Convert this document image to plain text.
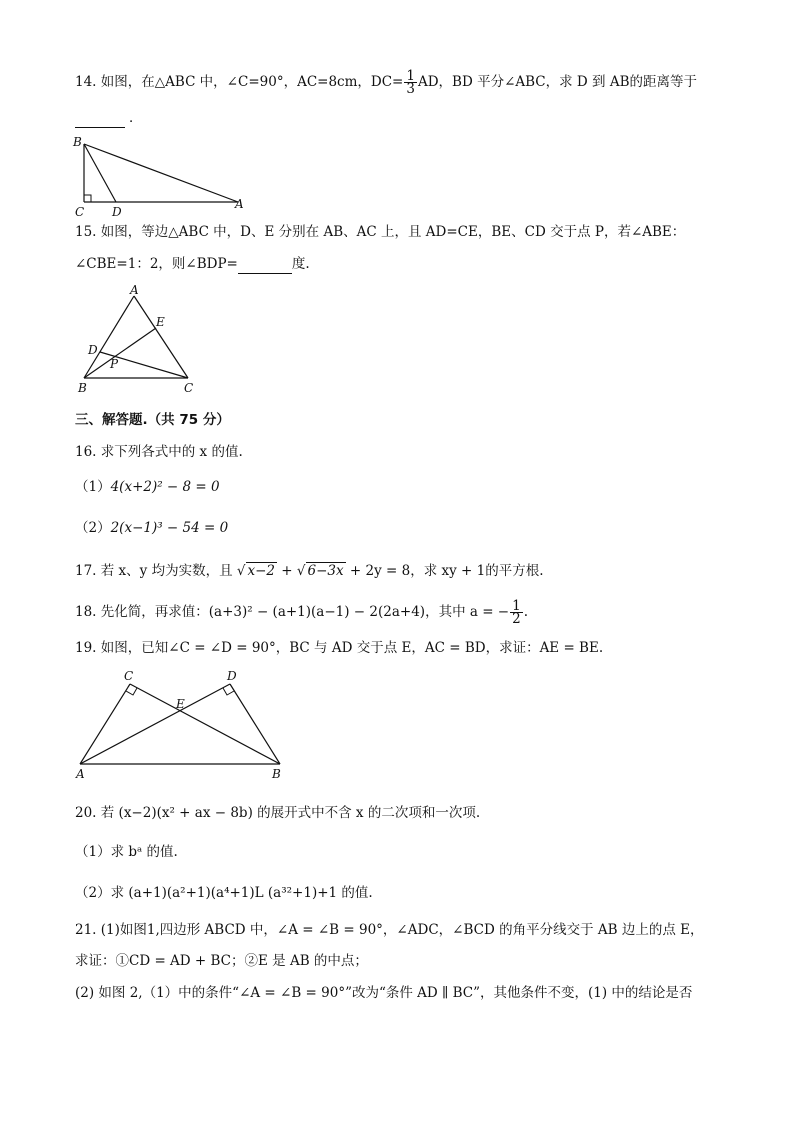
14. 如图，在△ABC 中，∠C=90°，AC=8cm，$DC= \frac{1}{3}$ AD，BD 平分∠ABC，求 D 到 AB的距离等于
．
B
C D
A
15. 如图，等边△ABC 中，D、E 分别在 AB、AC 上，且 AD=CE，BE、CD 交于点 P，若∠ABE：
∠CBE=1：2，则∠BDP=	度.
A
E
D
P
B	C
三、解答题.（共 75 分）
16. 求下列各式中的 x 的值.
（1）4(x+2)² − 8 = 0
（2）2(x−1)³ − 54 = 0
17. 若 x、y 均为实数，且 √ x−2 + √ 6−3x + 2y = 8，求 xy + 1的平方根.
18. 先化简，再求值：(a+3)² − (a+1)(a−1) − 2(2a+4)，其中 a = − $\frac{1}{2}$ .
19. 如图，已知∠C = ∠D = 90°，BC 与 AD 交于点 E，AC = BD，求证：AE = BE.
C	D
E
A	B
20. 若 (x−2)(x² + ax − 8b) 的展开式中不含 x 的二次项和一次项.
（1）求 bᵃ 的值.
（2）求 (a+1)(a²+1)(a⁴+1)L (a³²+1)+1 的值.
21. (1)如图1,四边形 ABCD 中，∠A = ∠B = 90°，∠ADC，∠BCD 的角平分线交于 AB 边上的点 E，
求证：①CD = AD + BC；②E 是 AB 的中点；
(2) 如图 2,（1）中的条件“∠A = ∠B = 90°”改为“条件 AD ∥ BC”，其他条件不变，(1) 中的结论是否
